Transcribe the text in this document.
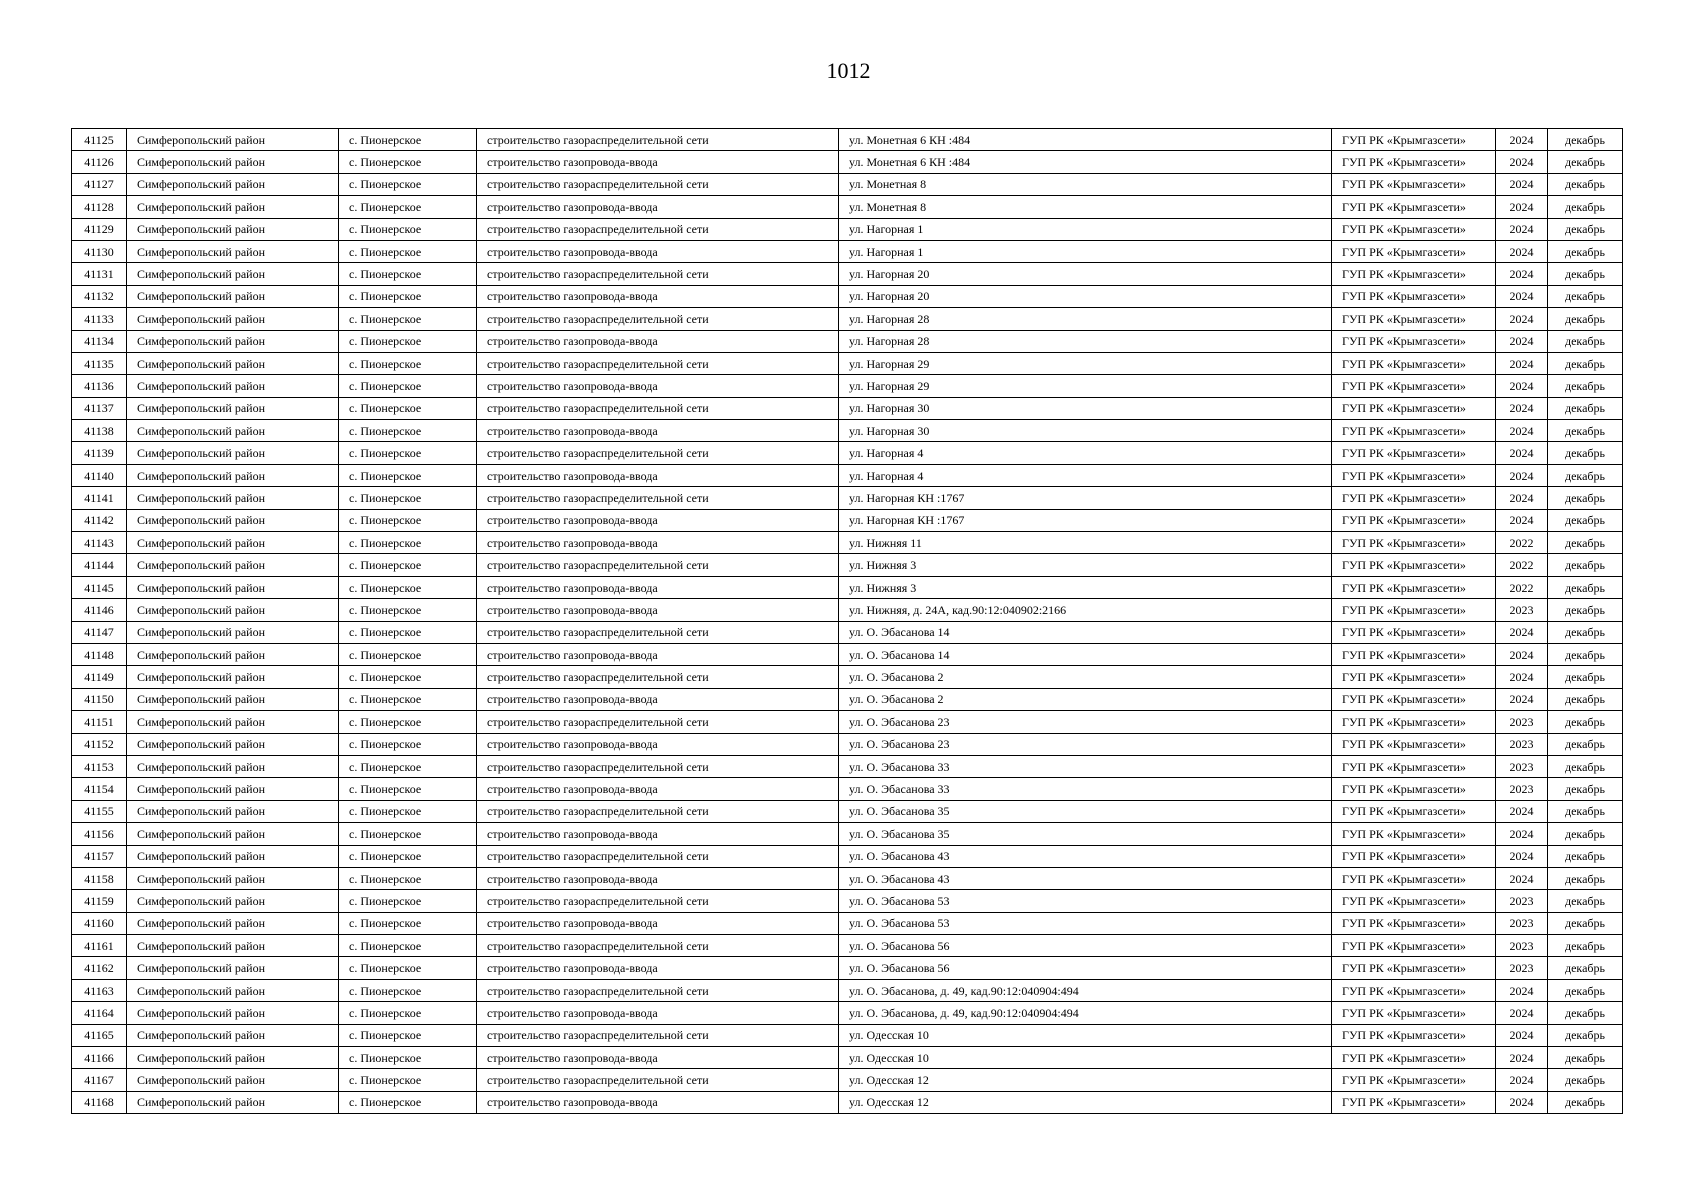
1012
41125	Симферопольский район	с. Пионерское	строительство газораспределительной сети	ул. Монетная 6 КН :484	ГУП РК «Крымгазсети»	2024	декабрь
41126	Симферопольский район	с. Пионерское	строительство газопровода-ввода	ул. Монетная 6 КН :484	ГУП РК «Крымгазсети»	2024	декабрь
41127	Симферопольский район	с. Пионерское	строительство газораспределительной сети	ул. Монетная 8	ГУП РК «Крымгазсети»	2024	декабрь
41128	Симферопольский район	с. Пионерское	строительство газопровода-ввода	ул. Монетная 8	ГУП РК «Крымгазсети»	2024	декабрь
41129	Симферопольский район	с. Пионерское	строительство газораспределительной сети	ул. Нагорная 1	ГУП РК «Крымгазсети»	2024	декабрь
41130	Симферопольский район	с. Пионерское	строительство газопровода-ввода	ул. Нагорная 1	ГУП РК «Крымгазсети»	2024	декабрь
41131	Симферопольский район	с. Пионерское	строительство газораспределительной сети	ул. Нагорная 20	ГУП РК «Крымгазсети»	2024	декабрь
41132	Симферопольский район	с. Пионерское	строительство газопровода-ввода	ул. Нагорная 20	ГУП РК «Крымгазсети»	2024	декабрь
41133	Симферопольский район	с. Пионерское	строительство газораспределительной сети	ул. Нагорная 28	ГУП РК «Крымгазсети»	2024	декабрь
41134	Симферопольский район	с. Пионерское	строительство газопровода-ввода	ул. Нагорная 28	ГУП РК «Крымгазсети»	2024	декабрь
41135	Симферопольский район	с. Пионерское	строительство газораспределительной сети	ул. Нагорная 29	ГУП РК «Крымгазсети»	2024	декабрь
41136	Симферопольский район	с. Пионерское	строительство газопровода-ввода	ул. Нагорная 29	ГУП РК «Крымгазсети»	2024	декабрь
41137	Симферопольский район	с. Пионерское	строительство газораспределительной сети	ул. Нагорная 30	ГУП РК «Крымгазсети»	2024	декабрь
41138	Симферопольский район	с. Пионерское	строительство газопровода-ввода	ул. Нагорная 30	ГУП РК «Крымгазсети»	2024	декабрь
41139	Симферопольский район	с. Пионерское	строительство газораспределительной сети	ул. Нагорная 4	ГУП РК «Крымгазсети»	2024	декабрь
41140	Симферопольский район	с. Пионерское	строительство газопровода-ввода	ул. Нагорная 4	ГУП РК «Крымгазсети»	2024	декабрь
41141	Симферопольский район	с. Пионерское	строительство газораспределительной сети	ул. Нагорная КН :1767	ГУП РК «Крымгазсети»	2024	декабрь
41142	Симферопольский район	с. Пионерское	строительство газопровода-ввода	ул. Нагорная КН :1767	ГУП РК «Крымгазсети»	2024	декабрь
41143	Симферопольский район	с. Пионерское	строительство газопровода-ввода	ул. Нижняя 11	ГУП РК «Крымгазсети»	2022	декабрь
41144	Симферопольский район	с. Пионерское	строительство газораспределительной сети	ул. Нижняя 3	ГУП РК «Крымгазсети»	2022	декабрь
41145	Симферопольский район	с. Пионерское	строительство газопровода-ввода	ул. Нижняя 3	ГУП РК «Крымгазсети»	2022	декабрь
41146	Симферопольский район	с. Пионерское	строительство газопровода-ввода	ул. Нижняя, д. 24А, кад.90:12:040902:2166	ГУП РК «Крымгазсети»	2023	декабрь
41147	Симферопольский район	с. Пионерское	строительство газораспределительной сети	ул. О. Эбасанова 14	ГУП РК «Крымгазсети»	2024	декабрь
41148	Симферопольский район	с. Пионерское	строительство газопровода-ввода	ул. О. Эбасанова 14	ГУП РК «Крымгазсети»	2024	декабрь
41149	Симферопольский район	с. Пионерское	строительство газораспределительной сети	ул. О. Эбасанова 2	ГУП РК «Крымгазсети»	2024	декабрь
41150	Симферопольский район	с. Пионерское	строительство газопровода-ввода	ул. О. Эбасанова 2	ГУП РК «Крымгазсети»	2024	декабрь
41151	Симферопольский район	с. Пионерское	строительство газораспределительной сети	ул. О. Эбасанова 23	ГУП РК «Крымгазсети»	2023	декабрь
41152	Симферопольский район	с. Пионерское	строительство газопровода-ввода	ул. О. Эбасанова 23	ГУП РК «Крымгазсети»	2023	декабрь
41153	Симферопольский район	с. Пионерское	строительство газораспределительной сети	ул. О. Эбасанова 33	ГУП РК «Крымгазсети»	2023	декабрь
41154	Симферопольский район	с. Пионерское	строительство газопровода-ввода	ул. О. Эбасанова 33	ГУП РК «Крымгазсети»	2023	декабрь
41155	Симферопольский район	с. Пионерское	строительство газораспределительной сети	ул. О. Эбасанова 35	ГУП РК «Крымгазсети»	2024	декабрь
41156	Симферопольский район	с. Пионерское	строительство газопровода-ввода	ул. О. Эбасанова 35	ГУП РК «Крымгазсети»	2024	декабрь
41157	Симферопольский район	с. Пионерское	строительство газораспределительной сети	ул. О. Эбасанова 43	ГУП РК «Крымгазсети»	2024	декабрь
41158	Симферопольский район	с. Пионерское	строительство газопровода-ввода	ул. О. Эбасанова 43	ГУП РК «Крымгазсети»	2024	декабрь
41159	Симферопольский район	с. Пионерское	строительство газораспределительной сети	ул. О. Эбасанова 53	ГУП РК «Крымгазсети»	2023	декабрь
41160	Симферопольский район	с. Пионерское	строительство газопровода-ввода	ул. О. Эбасанова 53	ГУП РК «Крымгазсети»	2023	декабрь
41161	Симферопольский район	с. Пионерское	строительство газораспределительной сети	ул. О. Эбасанова 56	ГУП РК «Крымгазсети»	2023	декабрь
41162	Симферопольский район	с. Пионерское	строительство газопровода-ввода	ул. О. Эбасанова 56	ГУП РК «Крымгазсети»	2023	декабрь
41163	Симферопольский район	с. Пионерское	строительство газораспределительной сети	ул. О. Эбасанова, д. 49, кад.90:12:040904:494	ГУП РК «Крымгазсети»	2024	декабрь
41164	Симферопольский район	с. Пионерское	строительство газопровода-ввода	ул. О. Эбасанова, д. 49, кад.90:12:040904:494	ГУП РК «Крымгазсети»	2024	декабрь
41165	Симферопольский район	с. Пионерское	строительство газораспределительной сети	ул. Одесская 10	ГУП РК «Крымгазсети»	2024	декабрь
41166	Симферопольский район	с. Пионерское	строительство газопровода-ввода	ул. Одесская 10	ГУП РК «Крымгазсети»	2024	декабрь
41167	Симферопольский район	с. Пионерское	строительство газораспределительной сети	ул. Одесская 12	ГУП РК «Крымгазсети»	2024	декабрь
41168	Симферопольский район	с. Пионерское	строительство газопровода-ввода	ул. Одесская 12	ГУП РК «Крымгазсети»	2024	декабрь
